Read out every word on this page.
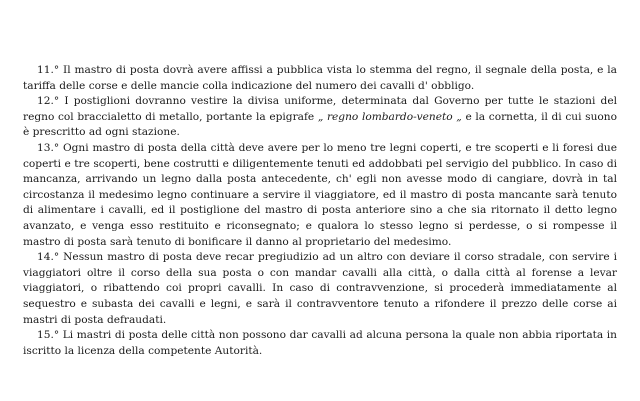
11.° Il mastro di posta dovrà avere affissi a pubblica vista lo stemma del regno, il segnale della posta, e la tariffa delle corse e delle mancie colla indicazione del numero dei cavalli d' obbligo.

12.° I postiglioni dovranno vestire la divisa uniforme, determinata dal Governo per tutte le stazioni del regno col braccialetto di metallo, portante la epigrafe „ regno lombardo-veneto „ e la cornetta, il di cui suono è prescritto ad ogni stazione.

13.° Ogni mastro di posta della città deve avere per lo meno tre legni coperti, e tre scoperti e li foresi due coperti e tre scoperti, bene costrutti e diligentemente tenuti ed addobbati pel servigio del pubblico. In caso di mancanza, arrivando un legno dalla posta antecedente, ch' egli non avesse modo di cangiare, dovrà in tal circostanza il medesimo legno continuare a servire il viaggiatore, ed il mastro di posta mancante sarà tenuto di alimentare i cavalli, ed il postiglione del mastro di posta anteriore sino a che sia ritornato il detto legno avanzato, e venga esso restituito e riconsegnato; e qualora lo stesso legno si perdesse, o si rompesse il mastro di posta sarà tenuto di bonificare il danno al proprietario del medesimo.

14.° Nessun mastro di posta deve recar pregiudizio ad un altro con deviare il corso stradale, con servire i viaggiatori oltre il corso della sua posta o con mandar cavalli alla città, o dalla città al forense a levar viaggiatori, o ribattendo coi propri cavalli. In caso di contravvenzione, si procederà immediatamente al sequestro e subasta dei cavalli e legni, e sarà il contravventore tenuto a rifondere il prezzo delle corse ai mastri di posta defraudati.

15.° Li mastri di posta delle città non possono dar cavalli ad alcuna persona la quale non abbia riportata in iscritto la licenza della competente Autorità.
